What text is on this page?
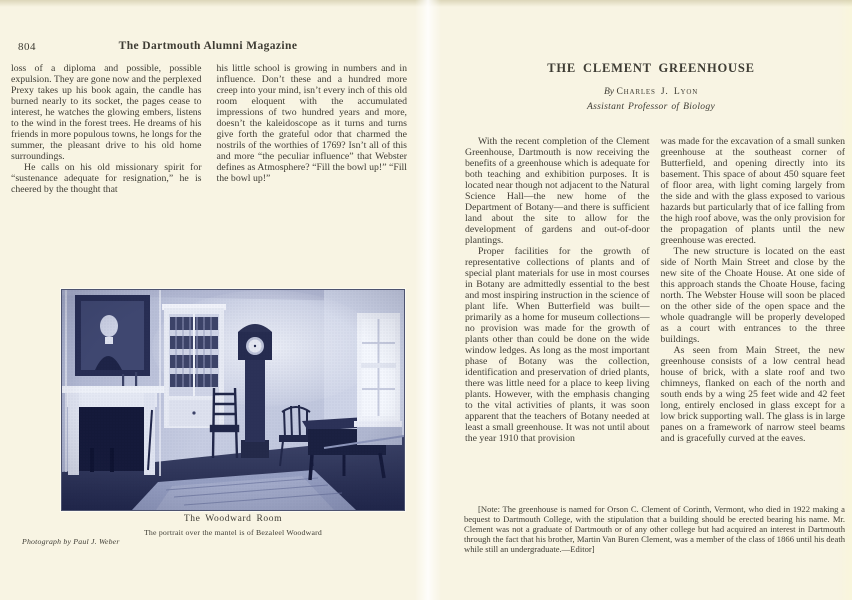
804	The Dartmouth Alumni Magazine

loss of a diploma and possible, possible expulsion. They are gone now and the perplexed Prexy takes up his book again, the candle has burned nearly to its socket, the pages cease to interest, he watches the glowing embers, listens to the wind in the forest trees. He dreams of his friends in more populous towns, he longs for the summer, the pleasant drive to his old home surroundings.

He calls on his old missionary spirit for “sustenance adequate for resignation,” he is cheered by the thought that

his little school is growing in numbers and in influence. Don’t these and a hundred more creep into your mind, isn’t every inch of this old room eloquent with the accumulated impressions of two hundred years and more, doesn’t the kaleidoscope as it turns and turns give forth the grateful odor that charmed the nostrils of the worthies of 1769? Isn’t all of this and more “the peculiar influence” that Webster defines as Atmosphere? “Fill the bowl up!” “Fill the bowl up!”

The Woodward Room
The portrait over the mantel is of Bezaleel Woodward
Photograph by Paul J. Weber
THE CLEMENT GREENHOUSE
By Charles J. Lyon
Assistant Professor of Biology

With the recent completion of the Clement Greenhouse, Dartmouth is now receiving the benefits of a greenhouse which is adequate for both teaching and exhibition purposes. It is located near though not adjacent to the Natural Science Hall—the new home of the Department of Botany—and there is sufficient land about the site to allow for the development of gardens and out-of-door plantings.

Proper facilities for the growth of representative collections of plants and of special plant materials for use in most courses in Botany are admittedly essential to the best and most inspiring instruction in the science of plant life. When Butterfield was built—primarily as a home for museum collections—no provision was made for the growth of plants other than could be done on the wide window ledges. As long as the most important phase of Botany was the collection, identification and preservation of dried plants, there was little need for a place to keep living plants. However, with the emphasis changing to the vital activities of plants, it was soon apparent that the teachers of Botany needed at least a small greenhouse. It was not until about the year 1910 that provision

was made for the excavation of a small sunken greenhouse at the southeast corner of Butterfield, and opening directly into its basement. This space of about 450 square feet of floor area, with light coming largely from the side and with the glass exposed to various hazards but particularly that of ice falling from the high roof above, was the only provision for the propagation of plants until the new greenhouse was erected.

The new structure is located on the east side of North Main Street and close by the new site of the Choate House. At one side of this approach stands the Choate House, facing north. The Webster House will soon be placed on the other side of the open space and the whole quadrangle will be properly developed as a court with entrances to the three buildings.

As seen from Main Street, the new greenhouse consists of a low central head house of brick, with a slate roof and two chimneys, flanked on each of the north and south ends by a wing 25 feet wide and 42 feet long, entirely enclosed in glass except for a low brick supporting wall. The glass is in large panes on a framework of narrow steel beams and is gracefully curved at the eaves.

[Note: The greenhouse is named for Orson C. Clement of Corinth, Vermont, who died in 1922 making a bequest to Dartmouth College, with the stipulation that a building should be erected bearing his name. Mr. Clement was not a graduate of Dartmouth or of any other college but had acquired an interest in Dartmouth through the fact that his brother, Martin Van Buren Clement, was a member of the class of 1866 until his death while still an undergraduate.—Editor]
